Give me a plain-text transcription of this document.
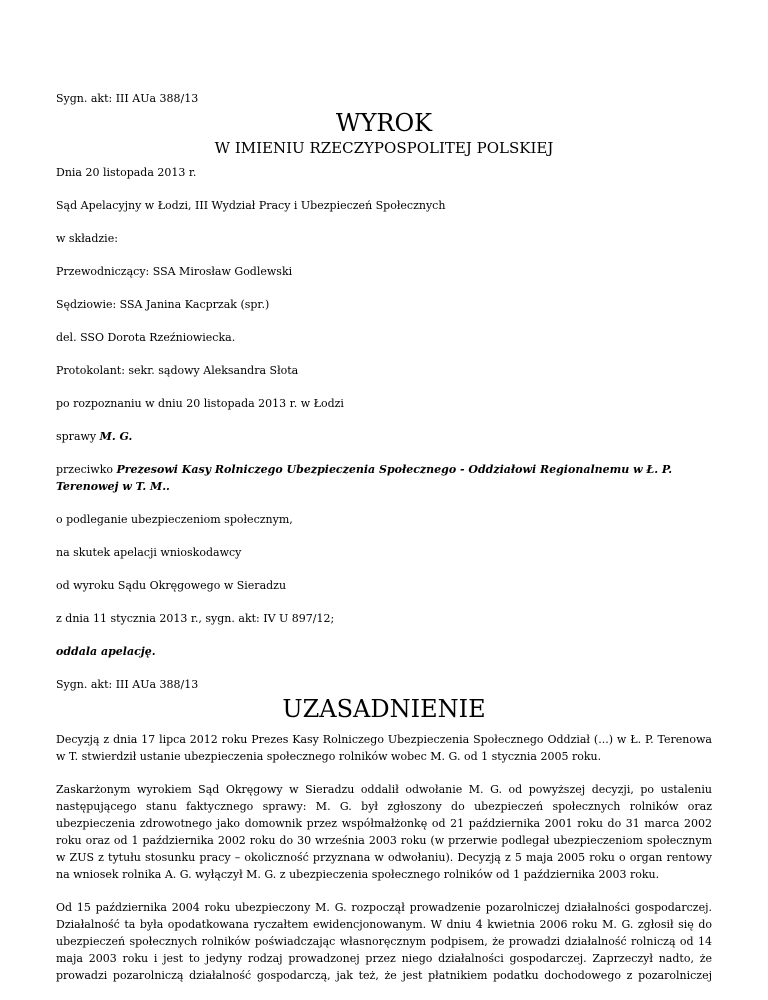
Sygn. akt: III AUa 388/13

WYROK
W IMIENIU RZECZYPOSPOLITEJ POLSKIEJ

Dnia 20 listopada 2013 r.

Sąd Apelacyjny w Łodzi, III Wydział Pracy i Ubezpieczeń Społecznych

w składzie:

Przewodniczący: SSA Mirosław Godlewski

Sędziowie: SSA Janina Kacprzak (spr.)

del. SSO Dorota Rzeźniowiecka.

Protokolant: sekr. sądowy Aleksandra Słota

po rozpoznaniu w dniu 20 listopada 2013 r. w Łodzi

sprawy M. G.

przeciwko Prezesowi Kasy Rolniczego Ubezpieczenia Społecznego - Oddziałowi Regionalnemu w Ł. P. Terenowej w T. M..

o podleganie ubezpieczeniom społecznym,

na skutek apelacji wnioskodawcy

od wyroku Sądu Okręgowego w Sieradzu

z dnia 11 stycznia 2013 r., sygn. akt: IV U 897/12;

oddala apelację.

Sygn. akt: III AUa 388/13

UZASADNIENIE

Decyzją z dnia 17 lipca 2012 roku Prezes Kasy Rolniczego Ubezpieczenia Społecznego Oddział (...) w Ł. P. Terenowa w T. stwierdził ustanie ubezpieczenia społecznego rolników wobec M. G. od 1 stycznia 2005 roku.

Zaskarżonym wyrokiem Sąd Okręgowy w Sieradzu oddalił odwołanie M. G. od powyższej decyzji, po ustaleniu następującego stanu faktycznego sprawy: M. G. był zgłoszony do ubezpieczeń społecznych rolników oraz ubezpieczenia zdrowotnego jako domownik przez współmałżonkę od 21 października 2001 roku do 31 marca 2002 roku oraz od 1 października 2002 roku do 30 września 2003 roku (w przerwie podlegał ubezpieczeniom społecznym w ZUS z tytułu stosunku pracy – okoliczność przyznana w odwołaniu). Decyzją z 5 maja 2005 roku o organ rentowy na wniosek rolnika A. G. wyłączył M. G. z ubezpieczenia społecznego rolników od 1 października 2003 roku.

Od 15 października 2004 roku ubezpieczony M. G. rozpoczął prowadzenie pozarolniczej działalności gospodarczej. Działalność ta była opodatkowana ryczałtem ewidencjonowanym. W dniu 4 kwietnia 2006 roku M. G. zgłosił się do ubezpieczeń społecznych rolników poświadczając własnoręcznym podpisem, że prowadzi działalność rolniczą od 14 maja 2003 roku i jest to jedyny rodzaj prowadzonej przez niego działalności gospodarczej. Zaprzeczył nadto, że prowadzi pozarolniczą działalność gospodarczą, jak też, że jest płatnikiem podatku dochodowego z pozarolniczej
